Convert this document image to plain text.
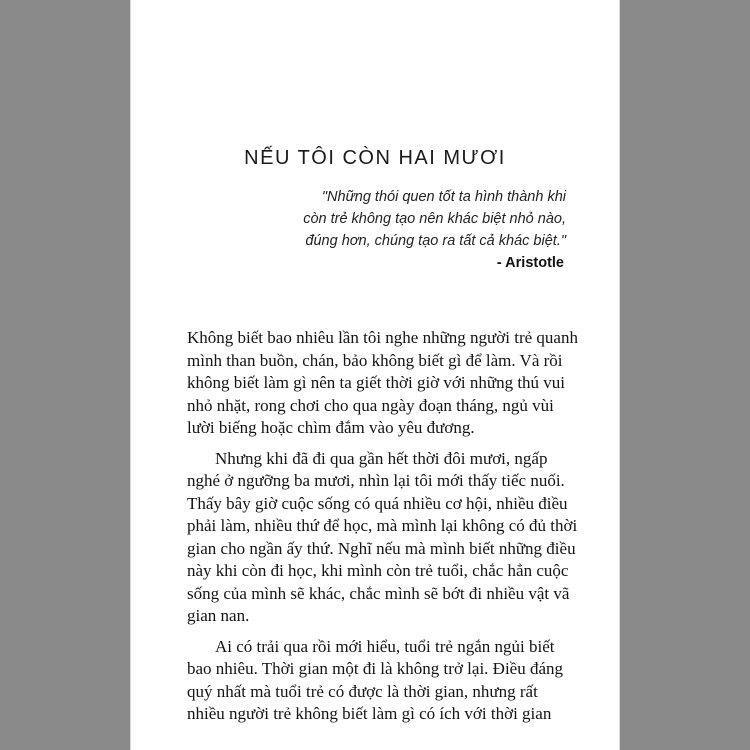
NẾU TÔI CÒN HAI MƯƠI
"Những thói quen tốt ta hình thành khi
còn trẻ không tạo nên khác biệt nhỏ nào,
đúng hơn, chúng tạo ra tất cả khác biệt."
- Aristotle

Không biết bao nhiêu lần tôi nghe những người trẻ quanh
mình than buồn, chán, bảo không biết gì để làm. Và rồi
không biết làm gì nên ta giết thời giờ với những thú vui
nhỏ nhặt, rong chơi cho qua ngày đoạn tháng, ngủ vùi
lười biếng hoặc chìm đắm vào yêu đương.

Nhưng khi đã đi qua gần hết thời đôi mươi, ngấp
nghé ở ngưỡng ba mươi, nhìn lại tôi mới thấy tiếc nuối.
Thấy bây giờ cuộc sống có quá nhiều cơ hội, nhiều điều
phải làm, nhiều thứ để học, mà mình lại không có đủ thời
gian cho ngần ấy thứ. Nghĩ nếu mà mình biết những điều
này khi còn đi học, khi mình còn trẻ tuổi, chắc hẳn cuộc
sống của mình sẽ khác, chắc mình sẽ bớt đi nhiều vật vã
gian nan.

Ai có trải qua rồi mới hiểu, tuổi trẻ ngắn ngủi biết
bao nhiêu. Thời gian một đi là không trở lại. Điều đáng
quý nhất mà tuổi trẻ có được là thời gian, nhưng rất
nhiều người trẻ không biết làm gì có ích với thời gian
